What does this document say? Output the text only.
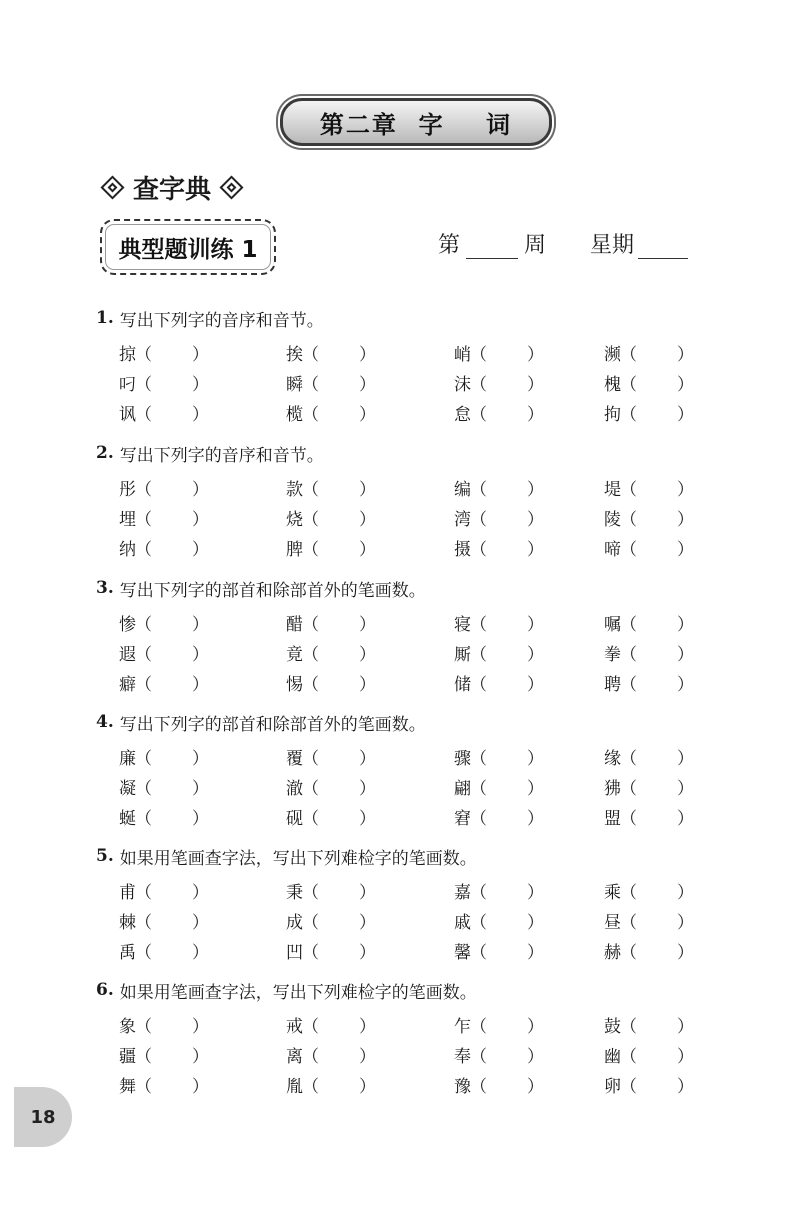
第二章  字    词
查字典
典型题训练 1	第	周 星期
1. 写出下列字的音序和音节。
掠 （ ）	挨 （ ）	峭 （ ）	濒 （ ）
叼 （ ）	瞬 （ ）	沫 （ ）	槐 （ ）
讽 （ ）	榄 （ ）	怠 （ ）	拘 （ ）
2. 写出下列字的音序和音节。
彤 （ ）	款 （ ）	编 （ ）	堤 （ ）
埋 （ ）	烧 （ ）	湾 （ ）	陵 （ ）
纳 （ ）	脾 （ ）	摄 （ ）	啼 （ ）
3. 写出下列字的部首和除部首外的笔画数。
惨 （ ）	醋 （ ）	寝 （ ）	嘱 （ ）
遐 （ ）	竟 （ ）	厮 （ ）	拳 （ ）
癖 （ ）	惕 （ ）	储 （ ）	聘 （ ）
4. 写出下列字的部首和除部首外的笔画数。
廉 （ ）	覆 （ ）	骤 （ ）	缘 （ ）
凝 （ ）	澈 （ ）	翩 （ ）	狒 （ ）
蜒 （ ）	砚 （ ）	窘 （ ）	盟 （ ）
5. 如果用笔画查字法，写出下列难检字的笔画数。
甫 （ ）	秉 （ ）	嘉 （ ）	乘 （ ）
棘 （ ）	成 （ ）	戚 （ ）	昼 （ ）
禹 （ ）	凹 （ ）	馨 （ ）	赫 （ ）
6. 如果用笔画查字法，写出下列难检字的笔画数。
象 （ ）	戒 （ ）	乍 （ ）	鼓 （ ）
疆 （ ）	离 （ ）	奉 （ ）	幽 （ ）
舞 （ ）	胤 （ ）	豫 （ ）	卵 （ ）
18
